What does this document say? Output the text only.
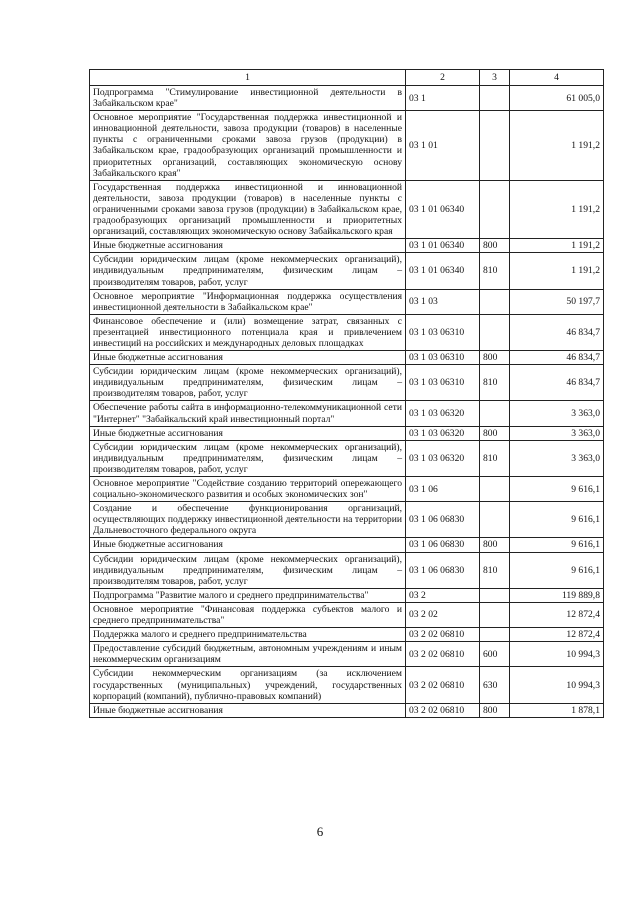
1	2	3	4
Подпрограмма "Стимулирование инвестиционной деятельности в Забайкальском крае"	03 1		61 005,0
Основное мероприятие "Государственная поддержка инвестиционной и инновационной деятельности, завоза продукции (товаров) в населенные пункты с ограниченными сроками завоза грузов (продукции) в Забайкальском крае, градообразующих организаций промышленности и приоритетных организаций, составляющих экономическую основу Забайкальского края"	03 1 01		1 191,2
Государственная поддержка инвестиционной и инновационной деятельности, завоза продукции (товаров) в населенные пункты с ограниченными сроками завоза грузов (продукции) в Забайкальском крае, градообразующих организаций промышленности и приоритетных организаций, составляющих экономическую основу Забайкальского края	03 1 01 06340		1 191,2
Иные бюджетные ассигнования	03 1 01 06340	800	1 191,2
Субсидии юридическим лицам (кроме некоммерческих организаций), индивидуальным предпринимателям, физическим лицам – производителям товаров, работ, услуг	03 1 01 06340	810	1 191,2
Основное мероприятие "Информационная поддержка осуществления инвестиционной деятельности в Забайкальском крае"	03 1 03		50 197,7
Финансовое обеспечение и (или) возмещение затрат, связанных с презентацией инвестиционного потенциала края и привлечением инвестиций на российских и международных деловых площадках	03 1 03 06310		46 834,7
Иные бюджетные ассигнования	03 1 03 06310	800	46 834,7
Субсидии юридическим лицам (кроме некоммерческих организаций), индивидуальным предпринимателям, физическим лицам – производителям товаров, работ, услуг	03 1 03 06310	810	46 834,7
Обеспечение работы сайта в информационно-телекоммуникационной сети "Интернет" "Забайкальский край инвестиционный портал"	03 1 03 06320		3 363,0
Иные бюджетные ассигнования	03 1 03 06320	800	3 363,0
Субсидии юридическим лицам (кроме некоммерческих организаций), индивидуальным предпринимателям, физическим лицам – производителям товаров, работ, услуг	03 1 03 06320	810	3 363,0
Основное мероприятие "Содействие созданию территорий опережающего социально-экономического развития и особых экономических зон"	03 1 06		9 616,1
Создание и обеспечение функционирования организаций, осуществляющих поддержку инвестиционной деятельности на территории Дальневосточного федерального округа	03 1 06 06830		9 616,1
Иные бюджетные ассигнования	03 1 06 06830	800	9 616,1
Субсидии юридическим лицам (кроме некоммерческих организаций), индивидуальным предпринимателям, физическим лицам – производителям товаров, работ, услуг	03 1 06 06830	810	9 616,1
Подпрограмма "Развитие малого и среднего предпринимательства"	03 2		119 889,8
Основное мероприятие "Финансовая поддержка субъектов малого и среднего предпринимательства"	03 2 02		12 872,4
Поддержка малого и среднего предпринимательства	03 2 02 06810		12 872,4
Предоставление субсидий бюджетным, автономным учреждениям и иным некоммерческим организациям	03 2 02 06810	600	10 994,3
Субсидии некоммерческим организациям (за исключением государственных (муниципальных) учреждений, государственных корпораций (компаний), публично-правовых компаний)	03 2 02 06810	630	10 994,3
Иные бюджетные ассигнования	03 2 02 06810	800	1 878,1
6
